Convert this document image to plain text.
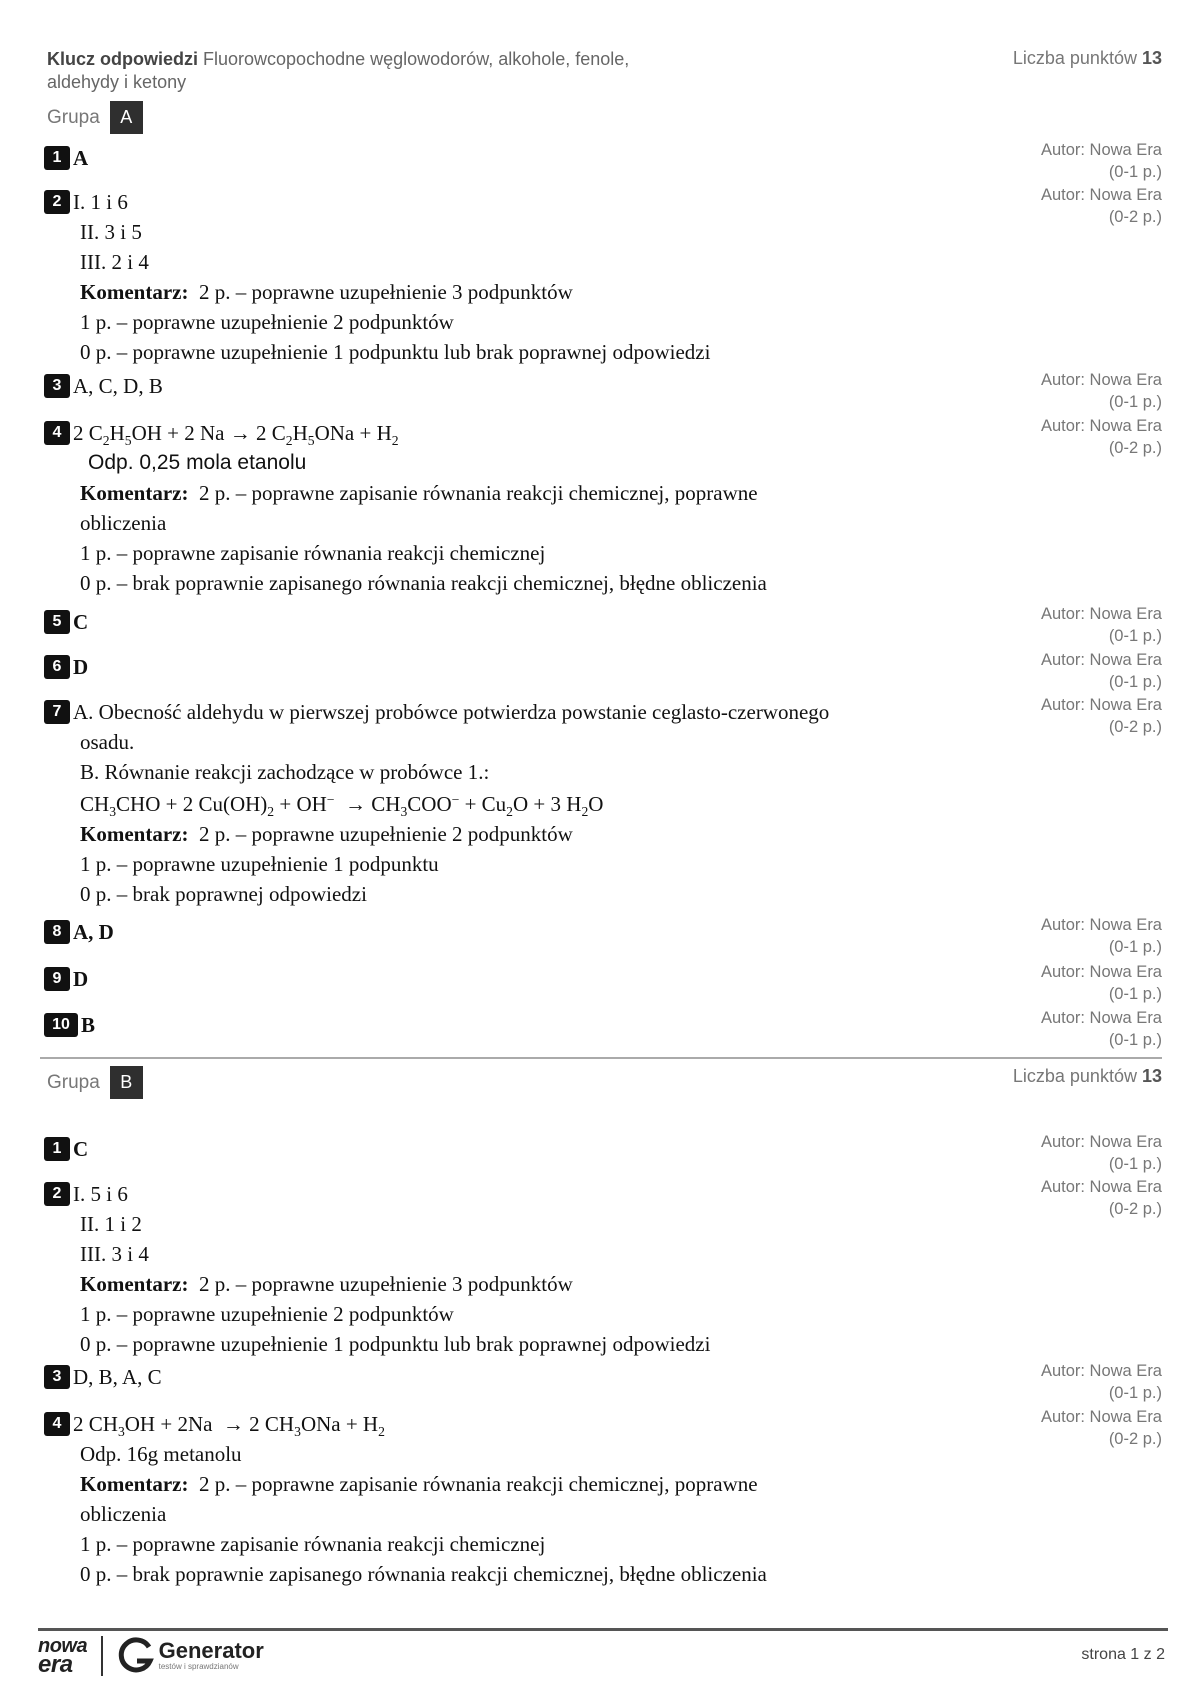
Klucz odpowiedzi Fluorowcopochodne węglowodorów, alkohole, fenole,
aldehydy i ketony
Liczba punktów 13
Grupa	A
1 A	Autor: Nowa Era
(0-1 p.)
2 I. 1 i 6
II. 3 i 5
III. 2 i 4
Komentarz: 2 p. – poprawne uzupełnienie 3 podpunktów
1 p. – poprawne uzupełnienie 2 podpunktów
0 p. – poprawne uzupełnienie 1 podpunktu lub brak poprawnej odpowiedzi
Autor: Nowa Era
(0-2 p.)
3 A, C, D, B	Autor: Nowa Era
(0-1 p.)
4 2 $C_2H_5OH + 2$ Na → 2 $C_2H_5ONa + H_2$
Odp. 0,25 mola etanolu
Komentarz: 2 p. – poprawne zapisanie równania reakcji chemicznej, poprawne
obliczenia
1 p. – poprawne zapisanie równania reakcji chemicznej
0 p. – brak poprawnie zapisanego równania reakcji chemicznej, błędne obliczenia
Autor: Nowa Era
(0-2 p.)
5 C	Autor: Nowa Era
(0-1 p.)
6 D	Autor: Nowa Era
(0-1 p.)
7 A. Obecność aldehydu w pierwszej probówce potwierdza powstanie ceglasto-czerwonego
osadu.
B. Równanie reakcji zachodzące w probówce 1.:
$CH_3CHO + 2$ $Cu(OH)_2 + OH^- \to CH_3COO^- + Cu_2O + 3$ $H_2O$
Komentarz: 2 p. – poprawne uzupełnienie 2 podpunktów
1 p. – poprawne uzupełnienie 1 podpunktu
0 p. – brak poprawnej odpowiedzi
Autor: Nowa Era
(0-2 p.)
8 A, D	Autor: Nowa Era
(0-1 p.)
9 D	Autor: Nowa Era
(0-1 p.)
10 B	Autor: Nowa Era
(0-1 p.)
Grupa	B	Liczba punktów 13
1 C	Autor: Nowa Era
(0-1 p.)
2 I. 5 i 6
II. 1 i 2
III. 3 i 4
Komentarz: 2 p. – poprawne uzupełnienie 3 podpunktów
1 p. – poprawne uzupełnienie 2 podpunktów
0 p. – poprawne uzupełnienie 1 podpunktu lub brak poprawnej odpowiedzi
Autor: Nowa Era
(0-2 p.)
3 D, B, A, C	Autor: Nowa Era
(0-1 p.)
4 2 $CH_3OH + 2Na \to 2$ $CH_3ONa + H_2$
Odp. 16g metanolu
Komentarz: 2 p. – poprawne zapisanie równania reakcji chemicznej, poprawne
obliczenia
1 p. – poprawne zapisanie równania reakcji chemicznej
0 p. – brak poprawnie zapisanego równania reakcji chemicznej, błędne obliczenia
Autor: Nowa Era
(0-2 p.)
nowa
era	Generator
testów i sprawdzianów
strona 1 z 2
